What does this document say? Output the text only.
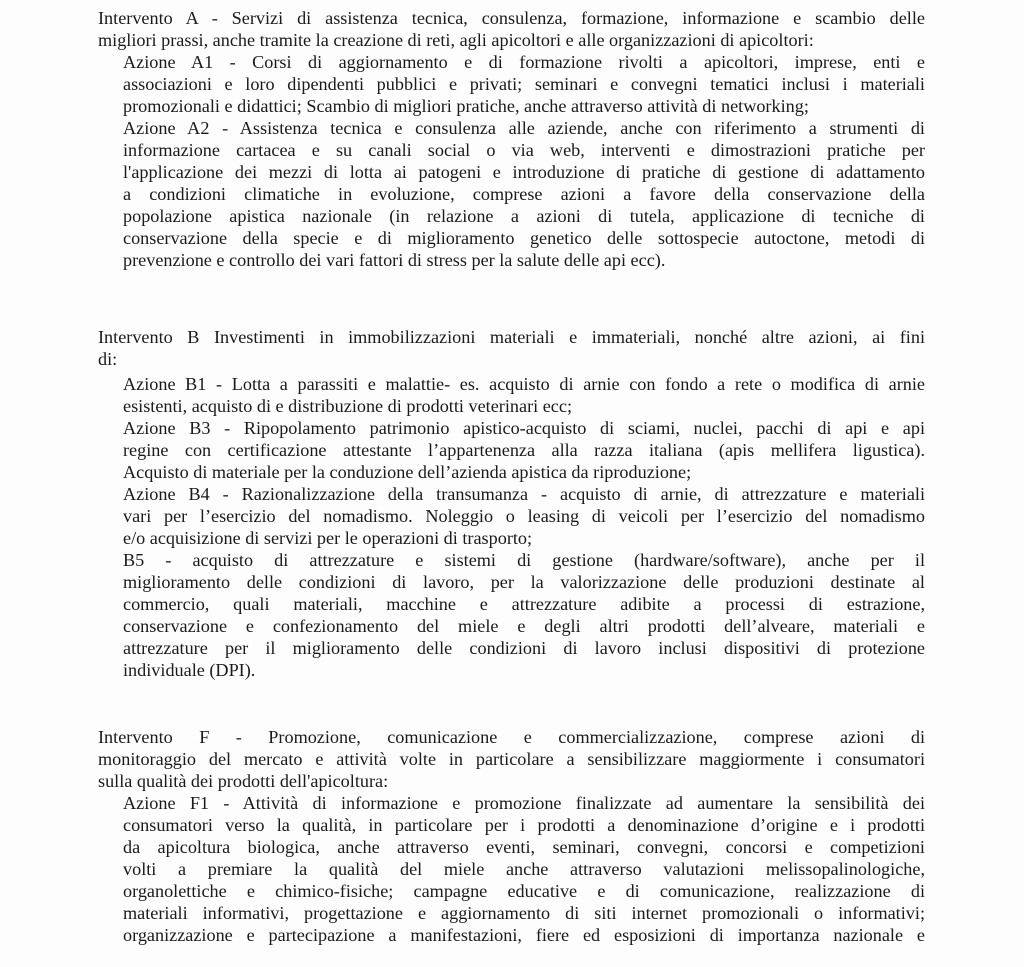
Intervento A - Servizi di assistenza tecnica, consulenza, formazione, informazione e scambio delle
migliori prassi, anche tramite la creazione di reti, agli apicoltori e alle organizzazioni di apicoltori:
Azione A1 - Corsi di aggiornamento e di formazione rivolti a apicoltori, imprese, enti e
associazioni e loro dipendenti pubblici e privati; seminari e convegni tematici inclusi i materiali
promozionali e didattici; Scambio di migliori pratiche, anche attraverso attività di networking;
Azione A2 - Assistenza tecnica e consulenza alle aziende, anche con riferimento a strumenti di
informazione cartacea e su canali social o via web, interventi e dimostrazioni pratiche per
l'applicazione dei mezzi di lotta ai patogeni e introduzione di pratiche di gestione di adattamento
a condizioni climatiche in evoluzione, comprese azioni a favore della conservazione della
popolazione apistica nazionale (in relazione a azioni di tutela, applicazione di tecniche di
conservazione della specie e di miglioramento genetico delle sottospecie autoctone, metodi di
prevenzione e controllo dei vari fattori di stress per la salute delle api ecc).
Intervento B Investimenti in immobilizzazioni materiali e immateriali, nonché altre azioni, ai fini
di:
Azione B1 - Lotta a parassiti e malattie- es. acquisto di arnie con fondo a rete o modifica di arnie
esistenti, acquisto di e distribuzione di prodotti veterinari ecc;
Azione B3 - Ripopolamento patrimonio apistico-acquisto di sciami, nuclei, pacchi di api e api
regine con certificazione attestante l’appartenenza alla razza italiana (apis mellifera ligustica).
Acquisto di materiale per la conduzione dell’azienda apistica da riproduzione;
Azione B4 - Razionalizzazione della transumanza - acquisto di arnie, di attrezzature e materiali
vari per l’esercizio del nomadismo. Noleggio o leasing di veicoli per l’esercizio del nomadismo
e/o acquisizione di servizi per le operazioni di trasporto;
B5 - acquisto di attrezzature e sistemi di gestione (hardware/software), anche per il
miglioramento delle condizioni di lavoro, per la valorizzazione delle produzioni destinate al
commercio, quali materiali, macchine e attrezzature adibite a processi di estrazione,
conservazione e confezionamento del miele e degli altri prodotti dell’alveare, materiali e
attrezzature per il miglioramento delle condizioni di lavoro inclusi dispositivi di protezione
individuale (DPI).
Intervento F - Promozione, comunicazione e commercializzazione, comprese azioni di
monitoraggio del mercato e attività volte in particolare a sensibilizzare maggiormente i consumatori
sulla qualità dei prodotti dell'apicoltura:
Azione F1 - Attività di informazione e promozione finalizzate ad aumentare la sensibilità dei
consumatori verso la qualità, in particolare per i prodotti a denominazione d’origine e i prodotti
da apicoltura biologica, anche attraverso eventi, seminari, convegni, concorsi e competizioni
volti a premiare la qualità del miele anche attraverso valutazioni melissopalinologiche,
organolettiche e chimico-fisiche; campagne educative e di comunicazione, realizzazione di
materiali informativi, progettazione e aggiornamento di siti internet promozionali o informativi;
organizzazione e partecipazione a manifestazioni, fiere ed esposizioni di importanza nazionale e
